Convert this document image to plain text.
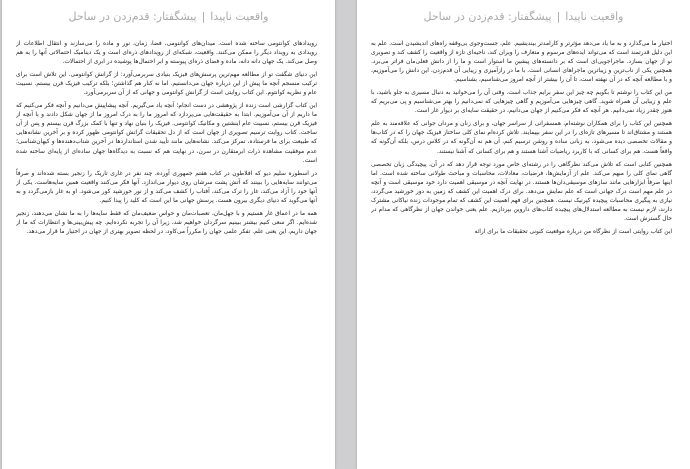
واقعیت ناپیدا|پیشگفتار: قدم‌زدن در ساحل

رویدادهای کوانتومی ساخته شده است. میدان‌های کوانتومی، فضا، زمان، نور و ماده را می‌سازند و انتقال اطلاعات از رویدادی به رویداد دیگر را ممکن می‌کنند. واقعیت، شبکه‌ای از رویدادهای ذره‌ای است و یک دینامیک احتمالاتی آنها را به هم وصل می‌کند. یک جهان دانه دانه، ماده و فضای ذره‌ای پیوسته و ابر احتمال‌ها پوشیده در ابری از احتمالات.

این دنیای شگفت تو از مطالعه مهم‌ترین پرسش‌های فیزیک بنیادی سربرمی‌آورد: از گرانش کوانتومی. این تلاش است برای ترکیب منسجم آنچه ما پیش از این درباره جهان می‌دانستیم. اما نه کنار هم گذاشتن؛ بلکه ترکیب فیزیک قرن بیستم. نسبیت عام و نظریه کوانتوم. این کتاب روایتی است از گرانش کوانتومی و جهانی که از آن سربرمی‌آورد.

این کتاب گزارشی است زنده از پژوهشی در دست انجام؛ آنچه یاد می‌گیریم. آنچه پیشاپیش می‌دانیم و آنچه فکر می‌کنیم که ما داریم از آن می‌آموزیم. ابتدا به حقیقت‌هایی می‌پردازد که امروز ما را به درک امروز ما از جهان شکل دادند و با آنچه از فیزیک قرن بیستم، نسبیت عام اینشتین و مکانیک کوانتومی. فیزیک را بنیان نهاد و تنها با کمک بزرگ قرن بیستم و پس از آن ساخت. کتاب روایت ترسیم تصویری از جهان است که از دل تحقیقات گرانش کوانتومی ظهور کرده و بر آخرین نشانه‌هایی که طبیعت برای ما فرستاده، تمرکز می‌کند. نشانه‌هایی مانند تأیید شدن استانداردها در آخرین شتاب‌دهنده‌ها و کیهان‌شناسی؛ عدم موفقیت مشاهده ذرات ابرمتقارن در سرن، در نهایت هم که نسبت به دیدگاه‌ها جهان ساده‌ای از پایه‌ای ساخته شده است.

در اسطوره سلیم دیو که افلاطون در کتاب هفتم جمهوری آورده، چند نفر در غاری تاریک را زنجیر بسته شده‌اند و صرفاً می‌توانند سایه‌هایی را ببینند که آتش پشت سرشان روی دیوار می‌اندازد. آنها فکر می‌کنند واقعیت همین سایه‌هاست. یکی از آنها خود را آزاد می‌کند، غار را ترک می‌کند، آفتاب را کشف می‌کند و از نور خورشید کور می‌شود. او به غار بازمی‌گردد و به آنها می‌گوید که دنیای دیگری بیرون هست. پرسش جهانی ما این است که کلید را پیدا کنیم.

همه ما در اعماق غار هستیم و با جهل‌مان، تعصبات‌مان و حواس ضعیف‌مان که فقط سایه‌ها را به ما نشان می‌دهند، زنجیر شده‌ایم. اگر سعی کنیم بیشتر ببینیم سرگردان خواهیم شد، زیرا آن را تجربه نکرده‌ایم. چه پیش‌بینی‌ها و انتظارات که ما از جهان داریم، این یعنی علم. تفکر علمی جهان را مکرراً می‌کاود، در لحظه تصویر بهتری از جهان در اختیار ما قرار می‌دهد.

واقعیت ناپیدا|پیشگفتار: قدم‌زدن در ساحل

اختیار ما می‌گذارد و به ما یاد می‌دهد مؤثرتر و کارآمدتر بیندیشیم. علم، جست‌وجوی بی‌وقفه راه‌های اندیشیدن است. علم به این دلیل قدرتمند است که می‌تواند ایده‌های مرسوم و متعارف را ویران کند، ناحیه‌ای تازه از واقعیت را کشف کند و تصویری نو از جهان بسازد. ماجراجویی‌ای است که بر دانسته‌های پیشین ما استوار است و ما را از دانش فعلی‌مان فراتر می‌برد. همچنین یکی از ناب‌ترین و زیباترین ماجراهای انسانی است. با ما در راز‌آمیزی و زیبایی آن قدم‌زدن، این دانش را می‌آموزیم، و با مطالعه آنچه که در آن نهفته است، تا آن را بیشتر از آنچه امروز می‌شناسیم، بشناسیم.

من این کتاب را نوشتم تا بگویم چه چیز این سفر برایم جذاب است. وقتی آن را می‌خوانید به دنبال مسیری به جلو باشید، با علم و زیبایی آن همراه شوید. گاهی چیزهایی می‌آموزیم و گاهی چیزهایی که نمی‌دانیم را بهتر می‌شناسیم و پی می‌بریم که هنوز چقدر زیاد نمی‌دانیم. هر آنچه که فکر می‌کنیم از جهان می‌دانیم، در حقیقت سایه‌ای بر دیوار غار است.

همچنین این کتاب را برای همکاران نوشته‌ام، همسفرانی از سراسر جهان، و برای زنان و مردان جوانی که علاقه‌مند به علم هستند و مشتاق‌اند تا مسیرهای تازه‌ای را در این سفر بپیمایند. تلاش کرده‌ام نمای کلی ساختار فیزیک جهان را که در کتاب‌ها و مقالات تخصصی دیده می‌شود، به زبانی ساده و روشن ترسیم کنم، آن هم نه آن‌گونه که در کلاس درس، بلکه آن‌گونه که واقعاً هست. هم برای کسانی که با کاربرد ریاضیات آشنا هستند و هم برای کسانی که آشنا نیستند.

همچنین کتابی است که تلاش می‌کند نظرگاهی را در رشته‌ای خاص مورد توجه قرار دهد که در آن، پیچیدگی زبان تخصصی گاهی نمای کلی را مبهم می‌کند. علم از آزمایش‌ها، فرضیات، معادلات، محاسبات و مباحث طولانی ساخته شده است. اما اینها صرفاً ابزارهایی مانند سازهای موسیقی‌دان‌ها هستند. در نهایت آنچه در موسیقی اهمیت دارد خود موسیقی است و آنچه در علم مهم است درک جهانی است که علم نمایش می‌دهد. برای درک اهمیت این کشف که زمین به دور خورشید می‌گردد، نیازی به پیگیری محاسبات پیچیده کپرنیک نیست. همچنین برای فهم اهمیت این کشف که تمام موجودات زنده نیاکانی مشترک دارند، لازم نیست به مطالعه استدلال‌های پیچیده کتاب‌های داروین بپردازیم. علم یعنی خواندن جهان از نظرگاهی که مدام در حال گسترش است.

این کتاب روایتی است از نظرگاه من درباره موقعیت کنونی تحقیقات ما برای ارائه
